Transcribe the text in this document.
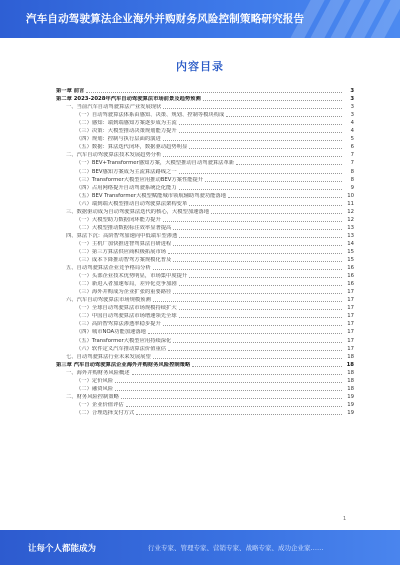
汽车自动驾驶算法企业海外并购财务风险控制策略研究报告
内容目录
第一章 前言	3
第二章 2023-2028年汽车自动驾驶算法市场前景及趋势预测	3
一、当前汽车自动驾驶算法产业发展现状	3
（一）自动驾驶算法体系由感知、决策、规划、控制等模块构成	3
（二）感知：端到端感知方案逐步成为主流	4
（三）决策：大模型推动决策规划能力提升	4
（四）规划：控制与执行层面的演进	5
（五）数据：算法迭代闭环，数据驱动趋势明显	6
二、汽车自动驾驶算法技术发展趋势分析	7
（一）BEV+Transformer感知方案，大模型推动自动驾驶算法革新	7
（二）BEV感知方案成为主流算法路线之一	8
（三）Transformer大模型应用推动BEV方案性能提升	8
（四）占用网络提升自动驾驶系统泛化能力	9
（五）BEV Transformer大模型赋能城市领航辅助驾驶功能落地	10
（六）端到端大模型推动自动驾驶算法架构变革	11
三、数据驱动成为自动驾驶算法迭代的核心，大模型加速落地	12
（一）大模型助力数据闭环能力提升	12
（二）大模型推动数据标注效率显著提高	13
四、算法下沉：高阶智驾加速向中低端车型渗透	13
（一）主机厂加快推进智驾算法自研进程	14
（二）第三方算法供应商积极拓展市场	15
（三）成本下降推动智驾方案规模化普及	15
五、自动驾驶算法企业竞争格局分析	16
（一）头部企业技术优势明显，市场集中度提升	16
（二）新进入者加速布局，差异化竞争加剧	16
（三）海外并购成为企业扩张的重要路径	17
六、汽车自动驾驶算法市场规模预测	17
（一）全球自动驾驶算法市场规模持续扩大	17
（二）中国自动驾驶算法市场增速领先全球	17
（三）高阶智驾算法渗透率稳步提升	17
（四）城市NOA功能加速落地	17
（五）Transformer大模型应用持续深化	17
（六）软件定义汽车推动算法价值重估	17
七、自动驾驶算法行业未来发展展望	18
第三章 汽车自动驾驶算法企业海外并购财务风险控制策略	18
一、海外并购财务风险概述	18
（一）定价风险	18
（二）融资风险	18
二、财务风险控制策略	19
（一）企业价值评估	19
（二）合理选择支付方式	19
1
让每个人都能成为	行业专家、管理专家、营销专家、战略专家、成功企业家……
